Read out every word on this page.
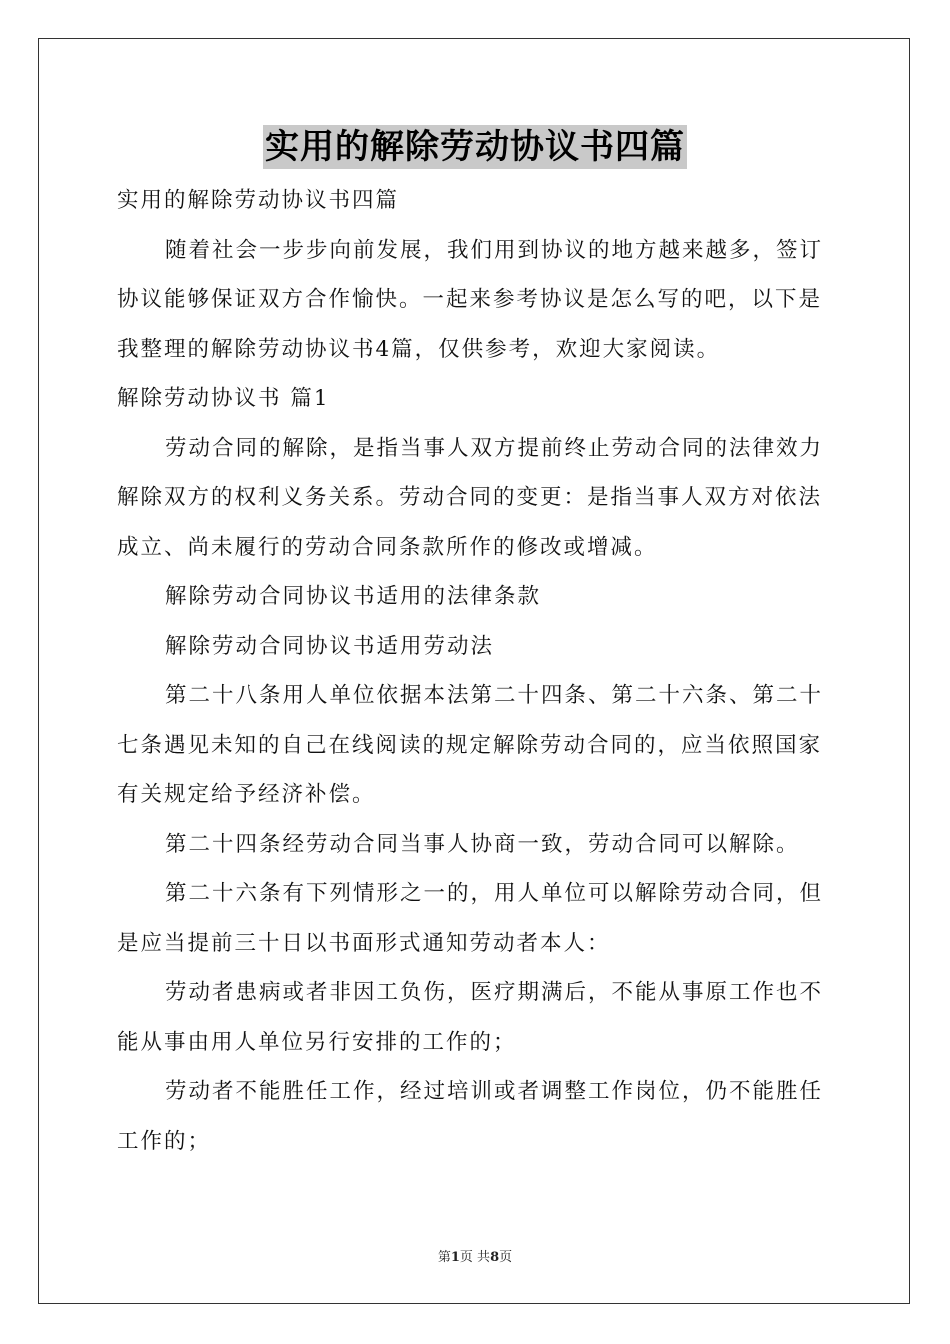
实用的解除劳动协议书四篇
实用的解除劳动协议书四篇
随着社会一步步向前发展，我们用到协议的地方越来越多，签订
协议能够保证双方合作愉快。一起来参考协议是怎么写的吧，以下是
我整理的解除劳动协议书4篇，仅供参考，欢迎大家阅读。
解除劳动协议书 篇1
劳动合同的解除，是指当事人双方提前终止劳动合同的法律效力
解除双方的权利义务关系。劳动合同的变更：是指当事人双方对依法
成立、尚未履行的劳动合同条款所作的修改或增减。
解除劳动合同协议书适用的法律条款
解除劳动合同协议书适用劳动法
第二十八条用人单位依据本法第二十四条、第二十六条、第二十
七条遇见未知的自己在线阅读的规定解除劳动合同的，应当依照国家
有关规定给予经济补偿。
第二十四条经劳动合同当事人协商一致，劳动合同可以解除。
第二十六条有下列情形之一的，用人单位可以解除劳动合同，但
是应当提前三十日以书面形式通知劳动者本人：
劳动者患病或者非因工负伤，医疗期满后，不能从事原工作也不
能从事由用人单位另行安排的工作的；
劳动者不能胜任工作，经过培训或者调整工作岗位，仍不能胜任
工作的；
第1页 共8页
